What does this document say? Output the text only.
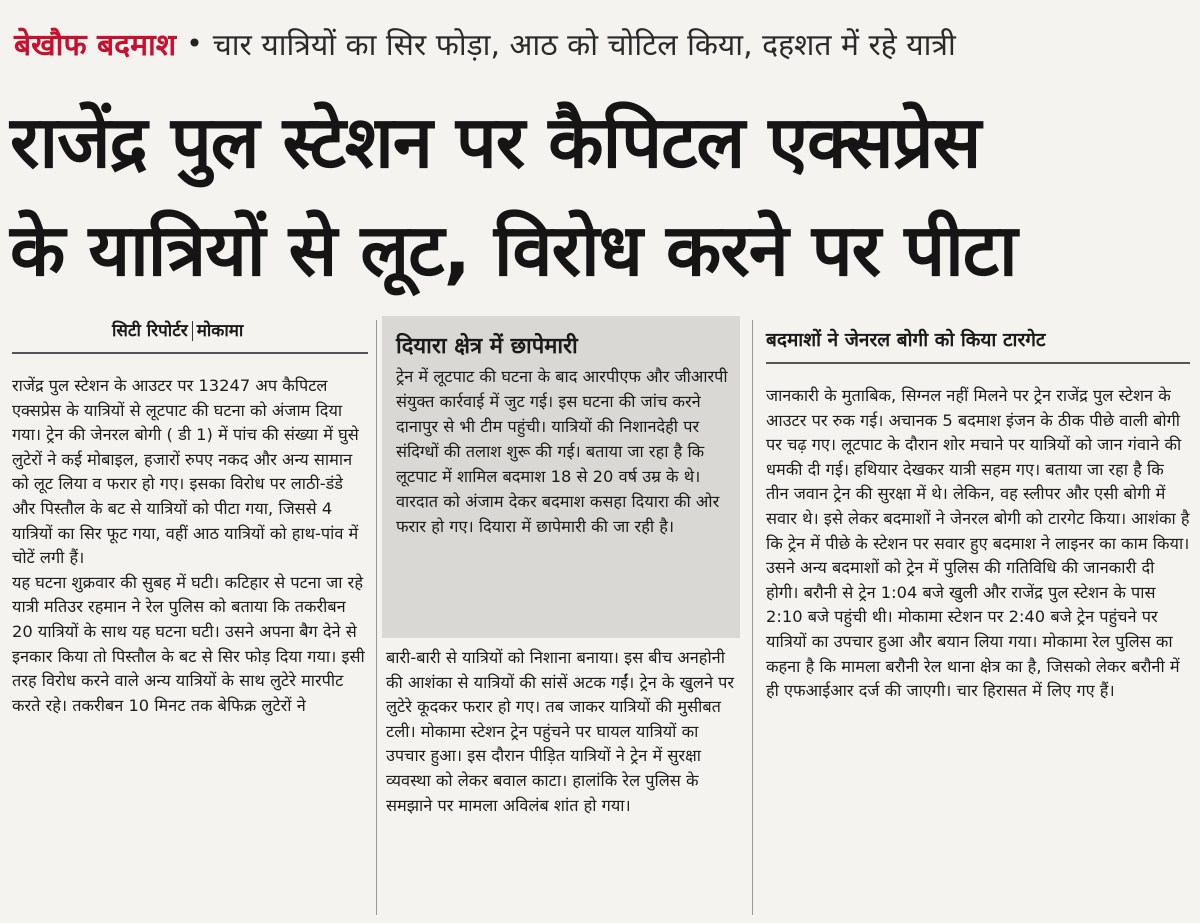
बेखौफ बदमाश • चार यात्रियों का सिर फोड़ा, आठ को चोटिल किया, दहशत में रहे यात्री
राजेंद्र पुल स्टेशन पर कैपिटल एक्सप्रेस
के यात्रियों से लूट, विरोध करने पर पीटा
सिटी रिपोर्टर मोकामा

राजेंद्र पुल स्टेशन के आउटर पर 13247 अप कैपिटल एक्सप्रेस के यात्रियों से लूटपाट की घटना को अंजाम दिया गया। ट्रेन की जेनरल बोगी ( डी 1) में पांच की संख्या में घुसे लुटेरों ने कई मोबाइल, हजारों रुपए नकद और अन्य सामान को लूट लिया व फरार हो गए। इसका विरोध पर लाठी-डंडे और पिस्तौल के बट से यात्रियों को पीटा गया, जिससे 4 यात्रियों का सिर फूट गया, वहीं आठ यात्रियों को हाथ-पांव में चोटें लगी हैं।

यह घटना शुक्रवार की सुबह में घटी। कटिहार से पटना जा रहे यात्री मतिउर रहमान ने रेल पुलिस को बताया कि तकरीबन 20 यात्रियों के साथ यह घटना घटी। उसने अपना बैग देने से इनकार किया तो पिस्तौल के बट से सिर फोड़ दिया गया। इसी तरह विरोध करने वाले अन्य यात्रियों के साथ लुटेरे मारपीट करते रहे। तकरीबन 10 मिनट तक बेफिक्र लुटेरों ने

दियारा क्षेत्र में छापेमारी
ट्रेन में लूटपाट की घटना के बाद आरपीएफ और जीआरपी संयुक्त कार्रवाई में जुट गई। इस घटना की जांच करने दानापुर से भी टीम पहुंची। यात्रियों की निशानदेही पर संदिग्धों की तलाश शुरू की गई। बताया जा रहा है कि लूटपाट में शामिल बदमाश 18 से 20 वर्ष उम्र के थे। वारदात को अंजाम देकर बदमाश कसहा दियारा की ओर फरार हो गए। दियारा में छापेमारी की जा रही है।

बारी-बारी से यात्रियों को निशाना बनाया। इस बीच अनहोनी की आशंका से यात्रियों की सांसें अटक गईं। ट्रेन के खुलने पर लुटेरे कूदकर फरार हो गए। तब जाकर यात्रियों की मुसीबत टली। मोकामा स्टेशन ट्रेन पहुंचने पर घायल यात्रियों का उपचार हुआ। इस दौरान पीड़ित यात्रियों ने ट्रेन में सुरक्षा व्यवस्था को लेकर बवाल काटा। हालांकि रेल पुलिस के समझाने पर मामला अविलंब शांत हो गया।

बदमाशों ने जेनरल बोगी को किया टारगेट

जानकारी के मुताबिक, सिग्नल नहीं मिलने पर ट्रेन राजेंद्र पुल स्टेशन के आउटर पर रुक गई। अचानक 5 बदमाश इंजन के ठीक पीछे वाली बोगी पर चढ़ गए। लूटपाट के दौरान शोर मचाने पर यात्रियों को जान गंवाने की धमकी दी गई। हथियार देखकर यात्री सहम गए। बताया जा रहा है कि तीन जवान ट्रेन की सुरक्षा में थे। लेकिन, वह स्लीपर और एसी बोगी में सवार थे। इसे लेकर बदमाशों ने जेनरल बोगी को टारगेट किया। आशंका है कि ट्रेन में पीछे के स्टेशन पर सवार हुए बदमाश ने लाइनर का काम किया। उसने अन्य बदमाशों को ट्रेन में पुलिस की गतिविधि की जानकारी दी होगी। बरौनी से ट्रेन 1:04 बजे खुली और राजेंद्र पुल स्टेशन के पास 2:10 बजे पहुंची थी। मोकामा स्टेशन पर 2:40 बजे ट्रेन पहुंचने पर यात्रियों का उपचार हुआ और बयान लिया गया। मोकामा रेल पुलिस का कहना है कि मामला बरौनी रेल थाना क्षेत्र का है, जिसको लेकर बरौनी में ही एफआईआर दर्ज की जाएगी। चार हिरासत में लिए गए हैं।
